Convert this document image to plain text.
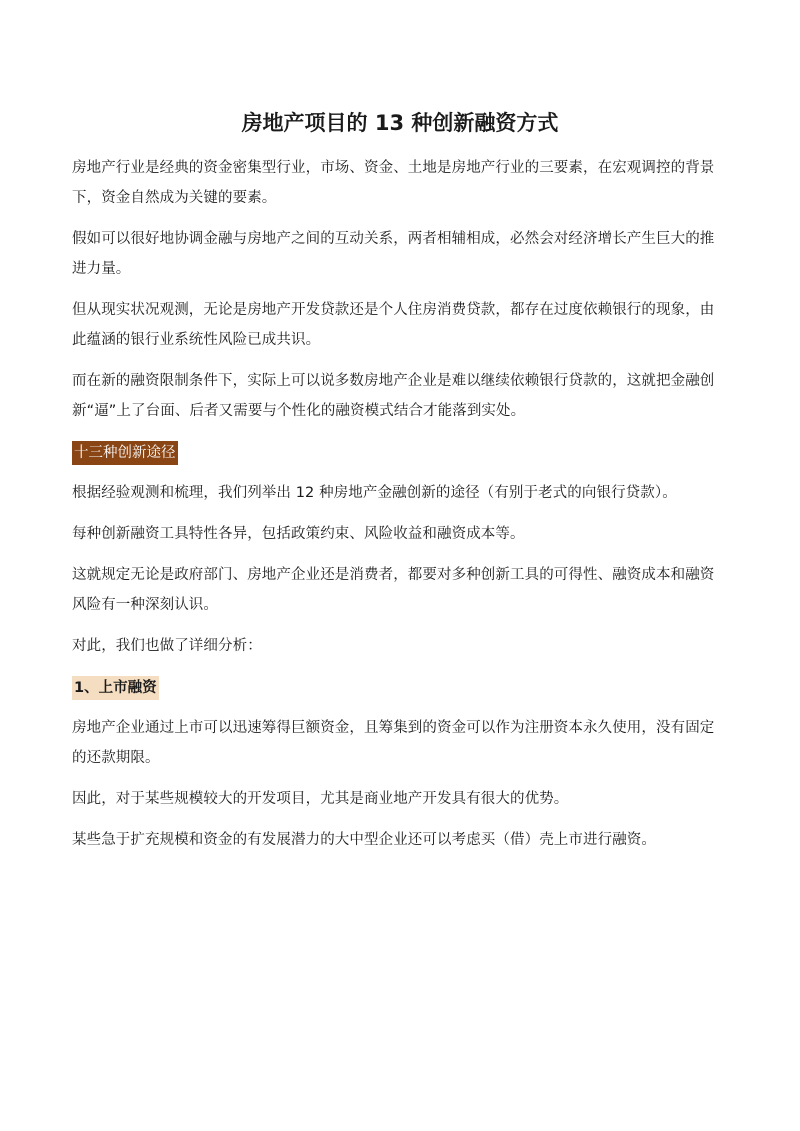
房地产项目的 13 种创新融资方式

房地产行业是经典的资金密集型行业，市场、资金、土地是房地产行业的三要素，在宏观调控的背景下，资金自然成为关键的要素。

假如可以很好地协调金融与房地产之间的互动关系，两者相辅相成，必然会对经济增长产生巨大的推进力量。

但从现实状况观测，无论是房地产开发贷款还是个人住房消费贷款，都存在过度依赖银行的现象，由此蕴涵的银行业系统性风险已成共识。

而在新的融资限制条件下，实际上可以说多数房地产企业是难以继续依赖银行贷款的，这就把金融创新“逼”上了台面、后者又需要与个性化的融资模式结合才能落到实处。

十三种创新途径

根据经验观测和梳理，我们列举出 12 种房地产金融创新的途径（有别于老式的向银行贷款）。

每种创新融资工具特性各异，包括政策约束、风险收益和融资成本等。

这就规定无论是政府部门、房地产企业还是消费者，都要对多种创新工具的可得性、融资成本和融资风险有一种深刻认识。

对此，我们也做了详细分析：

1、上市融资

房地产企业通过上市可以迅速筹得巨额资金，且筹集到的资金可以作为注册资本永久使用，没有固定的还款期限。

因此，对于某些规模较大的开发项目，尤其是商业地产开发具有很大的优势。

某些急于扩充规模和资金的有发展潜力的大中型企业还可以考虑买（借）壳上市进行融资。
